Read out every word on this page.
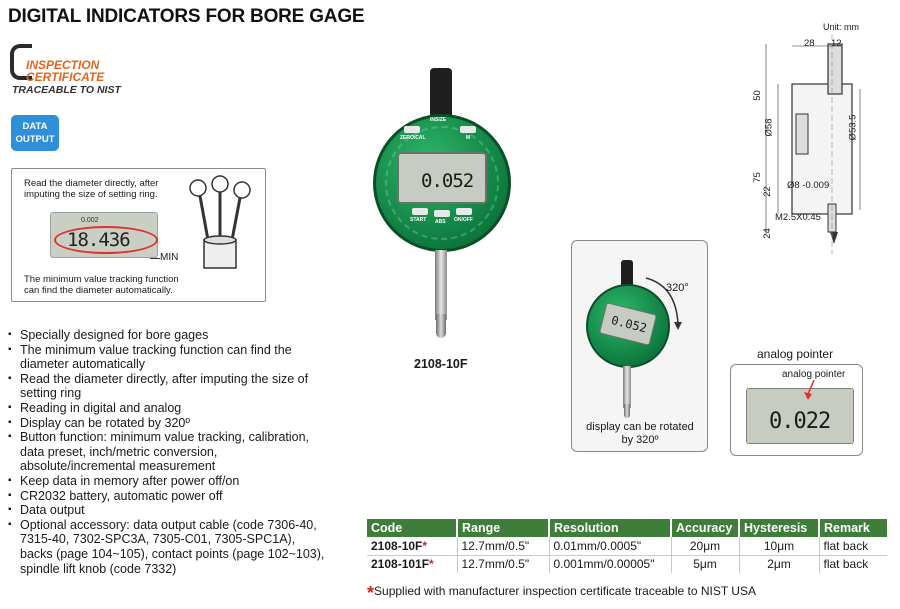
DIGITAL INDICATORS FOR BORE GAGE
INSPECTION
CERTIFICATE
TRACEABLE TO NIST
DATA
OUTPUT
Read the diameter directly, after imputing the size of setting ring.
0.002
18.436
MIN
The minimum value tracking function can find the diameter automatically.
▪ Specially designed for bore gages
▪ The minimum value tracking function can find the diameter automatically
▪ Read the diameter directly, after imputing the size of setting ring
▪ Reading in digital and analog
▪ Display can be rotated by 320º
▪ Button function: minimum value tracking, calibration, data preset, inch/metric conversion, absolute/incremental measurement
▪ Keep data in memory after power off/on
▪ CR2032 battery, automatic power off
▪ Data output
▪ Optional accessory: data output cable (code 7306-40, 7315-40, 7302-SPC3A, 7305-C01, 7305-SPC1A), backs (page 104~105), contact points (page 102~103), spindle lift knob (code 7332)
INSIZE
ZERO/CAL	M
0.052
START ABS ON/OFF
2108-10F
0.052
320°
display can be rotated by 320º
Unit: mm
28 12
50
Ø58	Ø53.5
75
22
Ø8 -0.009
M2.5X0.45
24
analog pointer
0.022
analog pointer
Code	Range	Resolution	Accuracy	Hysteresis	Remark
2108-10F*	12.7mm/0.5"	0.01mm/0.0005"	20μm	10μm	flat back
2108-101F*	12.7mm/0.5"	0.001mm/0.00005"	5μm	2μm	flat back
*Supplied with manufacturer inspection certificate traceable to NIST USA
